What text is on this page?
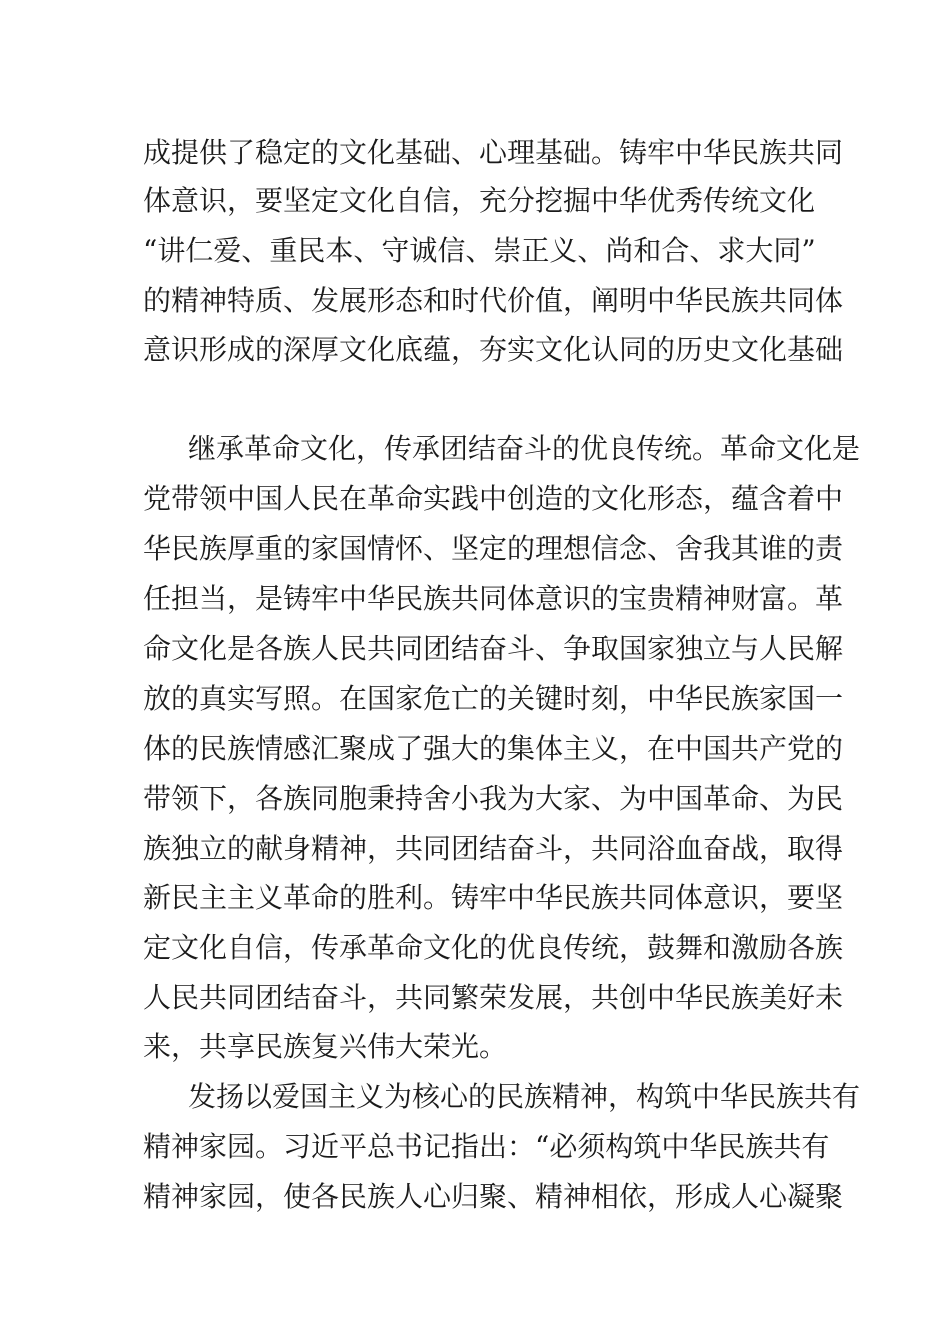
成提供了稳定的文化基础、心理基础。铸牢中华民族共同
体意识，要坚定文化自信，充分挖掘中华优秀传统文化
“讲仁爱、重民本、守诚信、崇正义、尚和合、求大同”
的精神特质、发展形态和时代价值，阐明中华民族共同体
意识形成的深厚文化底蕴，夯实文化认同的历史文化基础
继承革命文化，传承团结奋斗的优良传统。革命文化是
党带领中国人民在革命实践中创造的文化形态，蕴含着中
华民族厚重的家国情怀、坚定的理想信念、舍我其谁的责
任担当，是铸牢中华民族共同体意识的宝贵精神财富。革
命文化是各族人民共同团结奋斗、争取国家独立与人民解
放的真实写照。在国家危亡的关键时刻，中华民族家国一
体的民族情感汇聚成了强大的集体主义，在中国共产党的
带领下，各族同胞秉持舍小我为大家、为中国革命、为民
族独立的献身精神，共同团结奋斗，共同浴血奋战，取得
新民主主义革命的胜利。铸牢中华民族共同体意识，要坚
定文化自信，传承革命文化的优良传统，鼓舞和激励各族
人民共同团结奋斗，共同繁荣发展，共创中华民族美好未
来，共享民族复兴伟大荣光。
发扬以爱国主义为核心的民族精神，构筑中华民族共有
精神家园。习近平总书记指出：“必须构筑中华民族共有
精神家园，使各民族人心归聚、精神相依，形成人心凝聚
